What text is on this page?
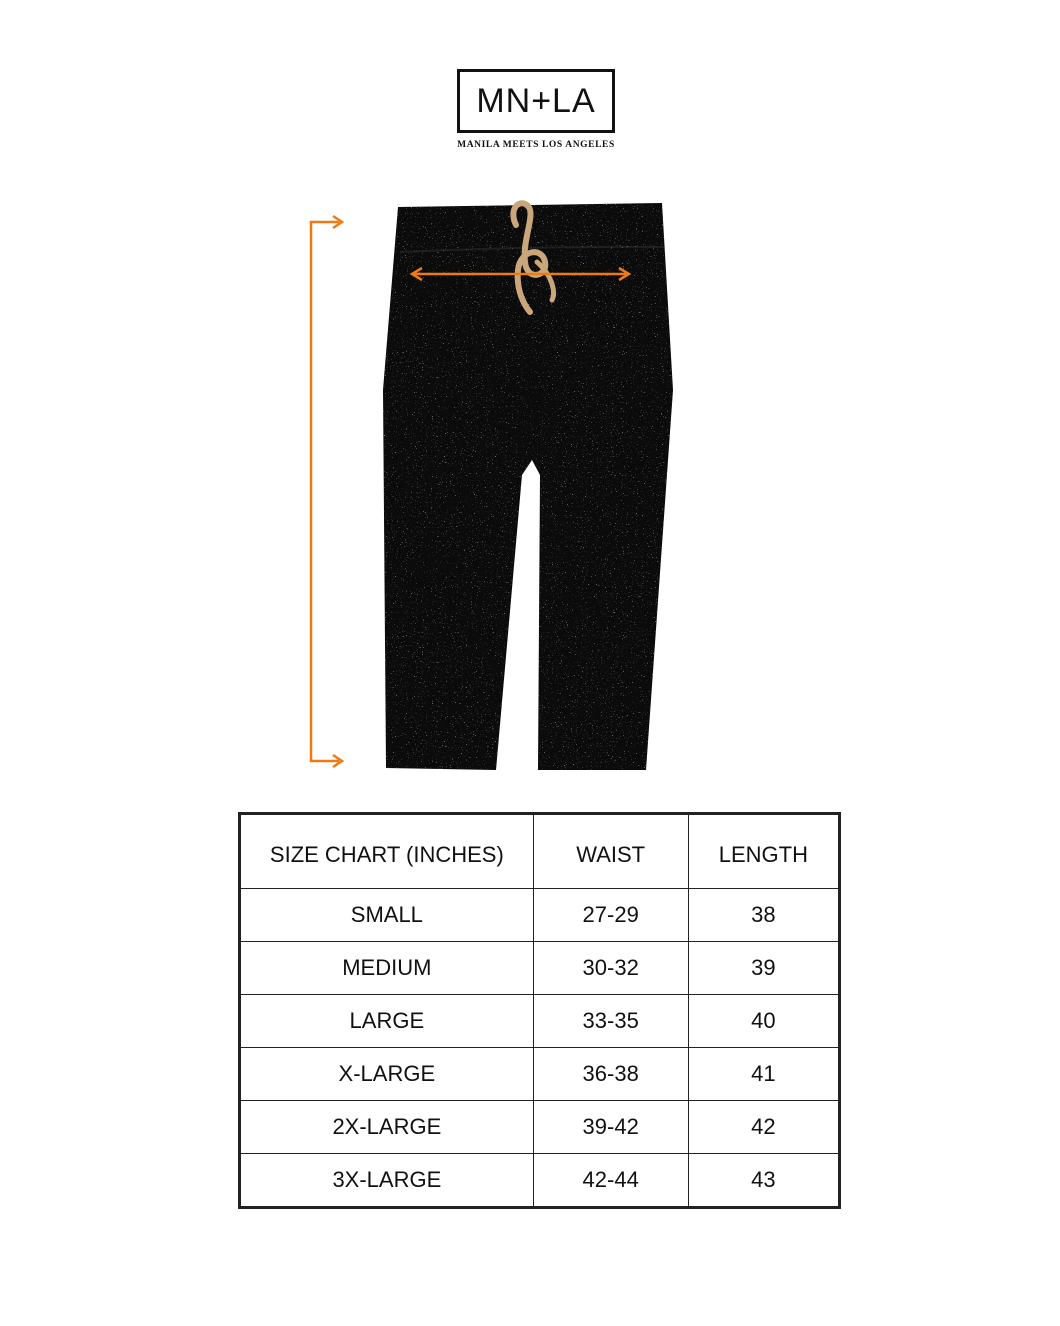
MN+LA
MANILA MEETS LOS ANGELES
SIZE CHART (INCHES)	WAIST	LENGTH
SMALL	27-29	38
MEDIUM	30-32	39
LARGE	33-35	40
X-LARGE	36-38	41
2X-LARGE	39-42	42
3X-LARGE	42-44	43
